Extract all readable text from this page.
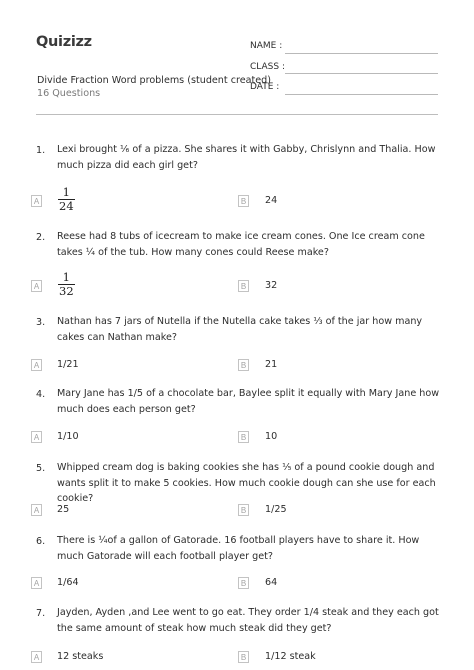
Quizizz
Divide Fraction Word problems (student created)
16 Questions
NAME :
CLASS :
DATE :
1. Lexi brought ⅙ of a pizza. She shares it with Gabby, Chrislynn and Thalia. How much pizza did each girl get?
A $\frac{1}{24}$	B 24
2. Reese had 8 tubs of icecream to make ice cream cones. One Ice cream cone takes ¼ of the tub. How many cones could Reese make?
A $\frac{1}{32}$	B 32
3. Nathan has 7 jars of Nutella if the Nutella cake takes ⅓ of the jar how many cakes can Nathan make?
A 1/21	B 21
4. Mary Jane has 1/5 of a chocolate bar, Baylee split it equally with Mary Jane how much does each person get?
A 1/10	B 10
5. Whipped cream dog is baking cookies she has ⅕ of a pound cookie dough and wants split it to make 5 cookies. How much cookie dough can she use for each cookie?
A 25	B 1/25
6. There is ¼of a gallon of Gatorade. 16 football players have to share it. How much Gatorade will each football player get?
A 1/64	B 64
7. Jayden, Ayden ,and Lee went to go eat. They order 1/4 steak and they each got the same amount of steak how much steak did they get?
A 12 steaks	B 1/12 steak
